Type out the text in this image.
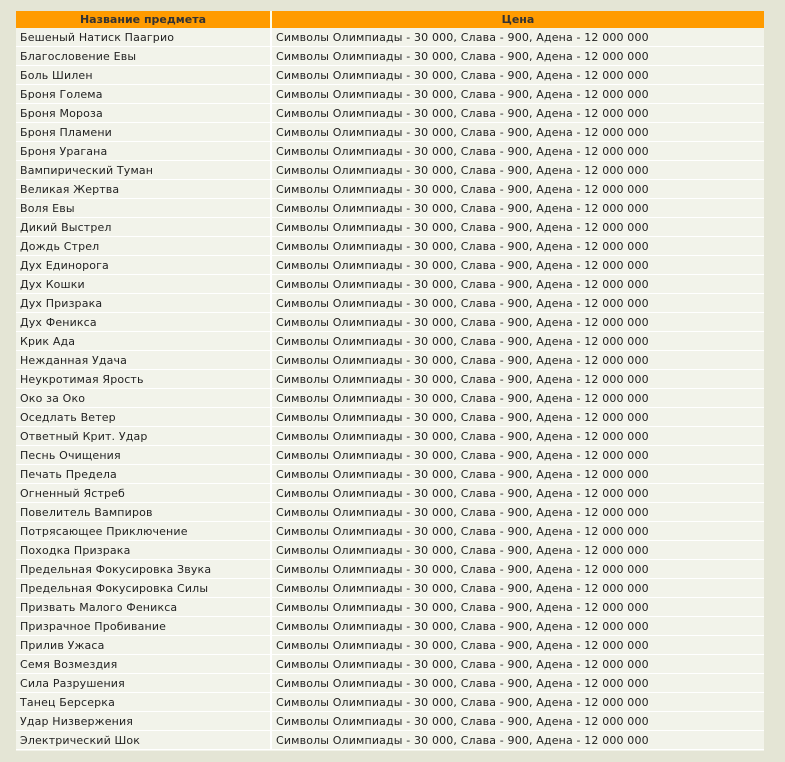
Название предмета	Цена
Бешеный Натиск Паагрио	Символы Олимпиады - 30 000, Слава - 900, Адена - 12 000 000
Благословение Евы	Символы Олимпиады - 30 000, Слава - 900, Адена - 12 000 000
Боль Шилен	Символы Олимпиады - 30 000, Слава - 900, Адена - 12 000 000
Броня Голема	Символы Олимпиады - 30 000, Слава - 900, Адена - 12 000 000
Броня Мороза	Символы Олимпиады - 30 000, Слава - 900, Адена - 12 000 000
Броня Пламени	Символы Олимпиады - 30 000, Слава - 900, Адена - 12 000 000
Броня Урагана	Символы Олимпиады - 30 000, Слава - 900, Адена - 12 000 000
Вампирический Туман	Символы Олимпиады - 30 000, Слава - 900, Адена - 12 000 000
Великая Жертва	Символы Олимпиады - 30 000, Слава - 900, Адена - 12 000 000
Воля Евы	Символы Олимпиады - 30 000, Слава - 900, Адена - 12 000 000
Дикий Выстрел	Символы Олимпиады - 30 000, Слава - 900, Адена - 12 000 000
Дождь Стрел	Символы Олимпиады - 30 000, Слава - 900, Адена - 12 000 000
Дух Единорога	Символы Олимпиады - 30 000, Слава - 900, Адена - 12 000 000
Дух Кошки	Символы Олимпиады - 30 000, Слава - 900, Адена - 12 000 000
Дух Призрака	Символы Олимпиады - 30 000, Слава - 900, Адена - 12 000 000
Дух Феникса	Символы Олимпиады - 30 000, Слава - 900, Адена - 12 000 000
Крик Ада	Символы Олимпиады - 30 000, Слава - 900, Адена - 12 000 000
Нежданная Удача	Символы Олимпиады - 30 000, Слава - 900, Адена - 12 000 000
Неукротимая Ярость	Символы Олимпиады - 30 000, Слава - 900, Адена - 12 000 000
Око за Око	Символы Олимпиады - 30 000, Слава - 900, Адена - 12 000 000
Оседлать Ветер	Символы Олимпиады - 30 000, Слава - 900, Адена - 12 000 000
Ответный Крит. Удар	Символы Олимпиады - 30 000, Слава - 900, Адена - 12 000 000
Песнь Очищения	Символы Олимпиады - 30 000, Слава - 900, Адена - 12 000 000
Печать Предела	Символы Олимпиады - 30 000, Слава - 900, Адена - 12 000 000
Огненный Ястреб	Символы Олимпиады - 30 000, Слава - 900, Адена - 12 000 000
Повелитель Вампиров	Символы Олимпиады - 30 000, Слава - 900, Адена - 12 000 000
Потрясающее Приключение	Символы Олимпиады - 30 000, Слава - 900, Адена - 12 000 000
Походка Призрака	Символы Олимпиады - 30 000, Слава - 900, Адена - 12 000 000
Предельная Фокусировка Звука	Символы Олимпиады - 30 000, Слава - 900, Адена - 12 000 000
Предельная Фокусировка Силы	Символы Олимпиады - 30 000, Слава - 900, Адена - 12 000 000
Призвать Малого Феникса	Символы Олимпиады - 30 000, Слава - 900, Адена - 12 000 000
Призрачное Пробивание	Символы Олимпиады - 30 000, Слава - 900, Адена - 12 000 000
Прилив Ужаса	Символы Олимпиады - 30 000, Слава - 900, Адена - 12 000 000
Семя Возмездия	Символы Олимпиады - 30 000, Слава - 900, Адена - 12 000 000
Сила Разрушения	Символы Олимпиады - 30 000, Слава - 900, Адена - 12 000 000
Танец Берсерка	Символы Олимпиады - 30 000, Слава - 900, Адена - 12 000 000
Удар Низвержения	Символы Олимпиады - 30 000, Слава - 900, Адена - 12 000 000
Электрический Шок	Символы Олимпиады - 30 000, Слава - 900, Адена - 12 000 000
